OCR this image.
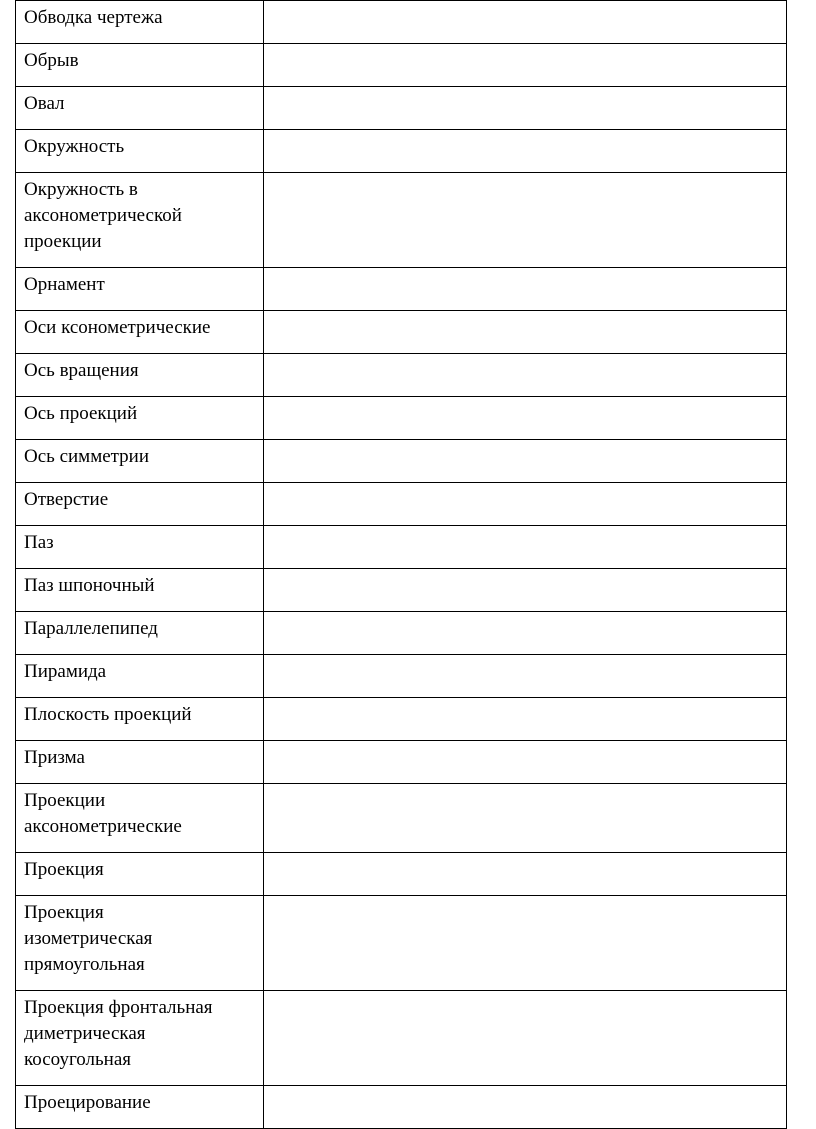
Обводка чертежа	

Обрыв	

Овал	

Окружность	

Окружность в
аксонометрической
проекции	

Орнамент	

Оси ксонометрические	

Ось вращения	

Ось проекций	

Ось симметрии	

Отверстие	

Паз	

Паз шпоночный	

Параллелепипед	

Пирамида	

Плоскость проекций	

Призма	

Проекции
аксонометрические	

Проекция	

Проекция
изометрическая
прямоугольная	

Проекция фронтальная
диметрическая
косоугольная	

Проецирование	
